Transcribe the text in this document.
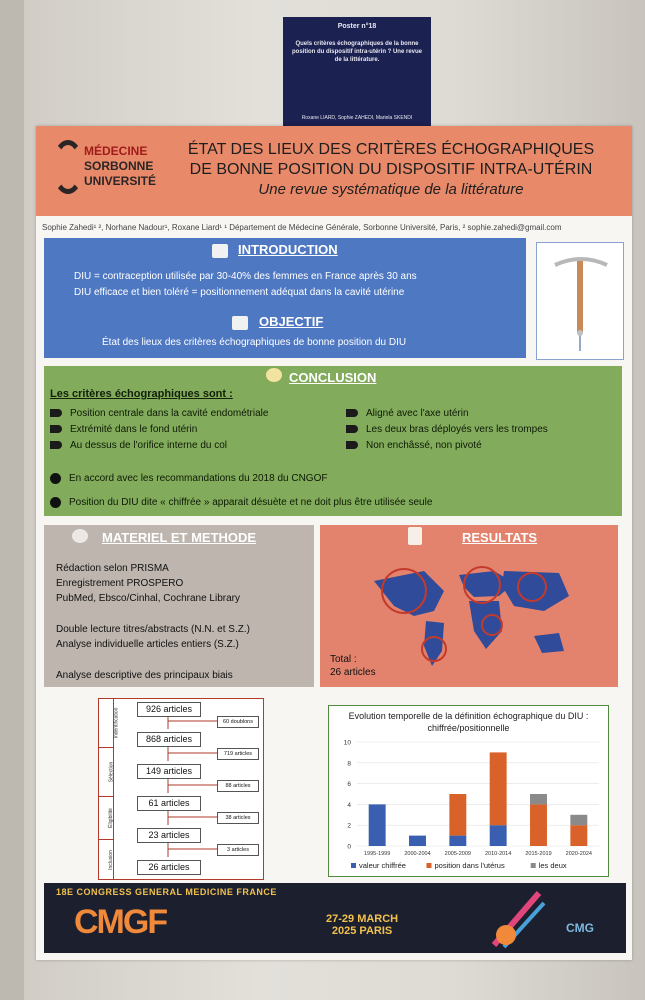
Poster n°18
Quels critères échographiques de la bonne position du dispositif intra-utérin ? Une revue de la littérature.
Roxane LIARD, Sophie ZAHEDI, Mariela SKENDI
MÉDECINE
SORBONNE
UNIVERSITÉ
ÉTAT DES LIEUX DES CRITÈRES ÉCHOGRAPHIQUES
DE BONNE POSITION DU DISPOSITIF INTRA-UTÉRIN
Une revue systématique de la littérature
Sophie Zahedi¹ ², Norhane Nadour¹, Roxane Liard¹ ¹ Département de Médecine Générale, Sorbonne Université, Paris, ² sophie.zahedi@gmail.com
INTRODUCTION
DIU = contraception utilisée par 30-40% des femmes en France après 30 ans
DIU efficace et bien toléré = positionnement adéquat dans la cavité utérine
OBJECTIF
État des lieux des critères échographiques de bonne position du DIU
CONCLUSION
Les critères échographiques sont :
Position centrale dans la cavité endométriale
Extrémité dans le fond utérin
Au dessus de l'orifice interne du col
Aligné avec l'axe utérin
Les deux bras déployés vers les trompes
Non enchâssé, non pivoté
En accord avec les recommandations du 2018 du CNGOF
Position du DIU dite « chiffrée » apparait désuète et ne doit plus être utilisée seule
MATERIEL ET METHODE
Rédaction selon PRISMA
Enregistrement PROSPERO
PubMed, Ebsco/Cinhal, Cochrane Library
Double lecture titres/abstracts (N.N. et S.Z.)
Analyse individuelle articles entiers (S.Z.)
Analyse descriptive des principaux biais
RESULTATS
Total :
26 articles
Indentification
Sélection
Éligibilité
Inclusion
926 articles
868 articles
149 articles
61 articles
23 articles
26 articles
60 doublons
719 articles
88 articles
38 articles
3 articles
Evolution temporelle de la définition échographique du DIU : chiffrée/positionnelle
0
2
4
6
8
10
1995-1999	2000-2004	2005-2009	2010-2014	2015-2019	2020-2024
valeur chiffrée	position dans l'utérus	les deux
18E CONGRESS GENERAL MEDICINE FRANCE
CMGF	27-29 MARCH
2025 PARIS	CMG
